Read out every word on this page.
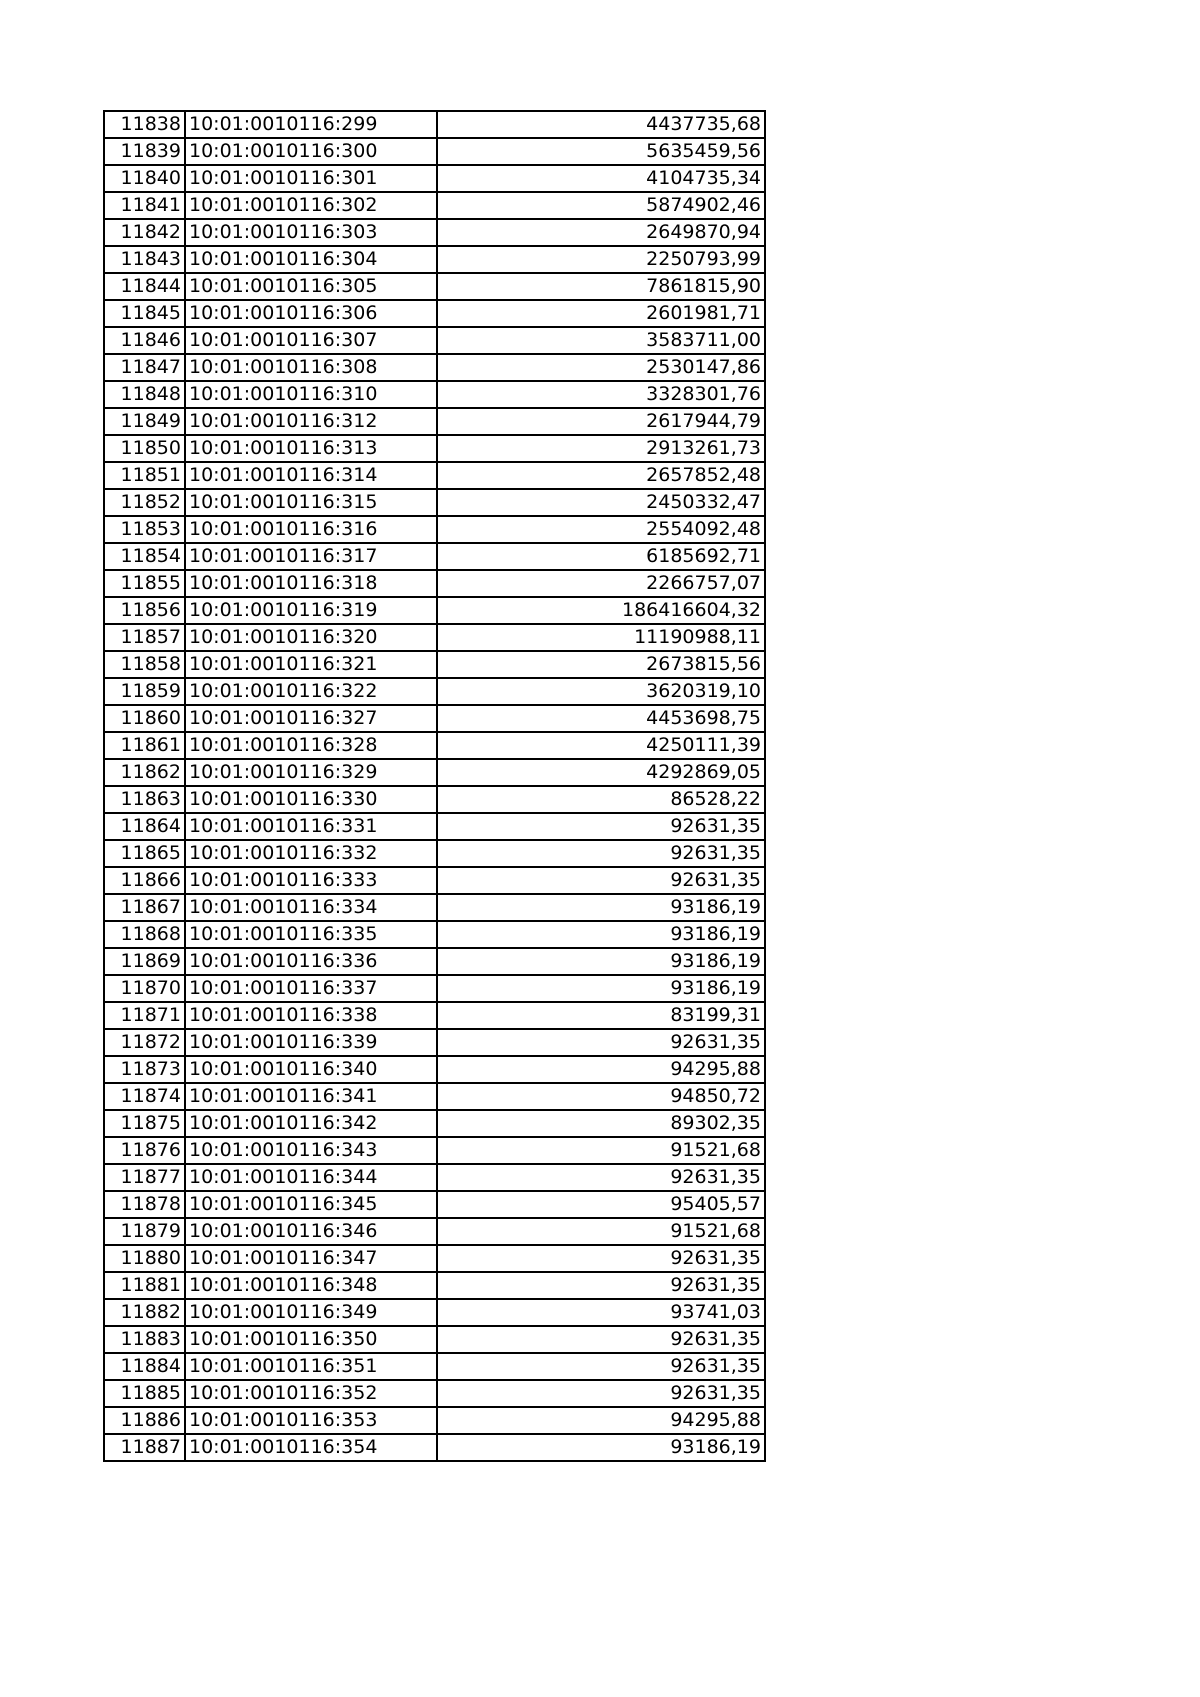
11838	10:01:0010116:299	4437735,68
11839	10:01:0010116:300	5635459,56
11840	10:01:0010116:301	4104735,34
11841	10:01:0010116:302	5874902,46
11842	10:01:0010116:303	2649870,94
11843	10:01:0010116:304	2250793,99
11844	10:01:0010116:305	7861815,90
11845	10:01:0010116:306	2601981,71
11846	10:01:0010116:307	3583711,00
11847	10:01:0010116:308	2530147,86
11848	10:01:0010116:310	3328301,76
11849	10:01:0010116:312	2617944,79
11850	10:01:0010116:313	2913261,73
11851	10:01:0010116:314	2657852,48
11852	10:01:0010116:315	2450332,47
11853	10:01:0010116:316	2554092,48
11854	10:01:0010116:317	6185692,71
11855	10:01:0010116:318	2266757,07
11856	10:01:0010116:319	186416604,32
11857	10:01:0010116:320	11190988,11
11858	10:01:0010116:321	2673815,56
11859	10:01:0010116:322	3620319,10
11860	10:01:0010116:327	4453698,75
11861	10:01:0010116:328	4250111,39
11862	10:01:0010116:329	4292869,05
11863	10:01:0010116:330	86528,22
11864	10:01:0010116:331	92631,35
11865	10:01:0010116:332	92631,35
11866	10:01:0010116:333	92631,35
11867	10:01:0010116:334	93186,19
11868	10:01:0010116:335	93186,19
11869	10:01:0010116:336	93186,19
11870	10:01:0010116:337	93186,19
11871	10:01:0010116:338	83199,31
11872	10:01:0010116:339	92631,35
11873	10:01:0010116:340	94295,88
11874	10:01:0010116:341	94850,72
11875	10:01:0010116:342	89302,35
11876	10:01:0010116:343	91521,68
11877	10:01:0010116:344	92631,35
11878	10:01:0010116:345	95405,57
11879	10:01:0010116:346	91521,68
11880	10:01:0010116:347	92631,35
11881	10:01:0010116:348	92631,35
11882	10:01:0010116:349	93741,03
11883	10:01:0010116:350	92631,35
11884	10:01:0010116:351	92631,35
11885	10:01:0010116:352	92631,35
11886	10:01:0010116:353	94295,88
11887	10:01:0010116:354	93186,19
